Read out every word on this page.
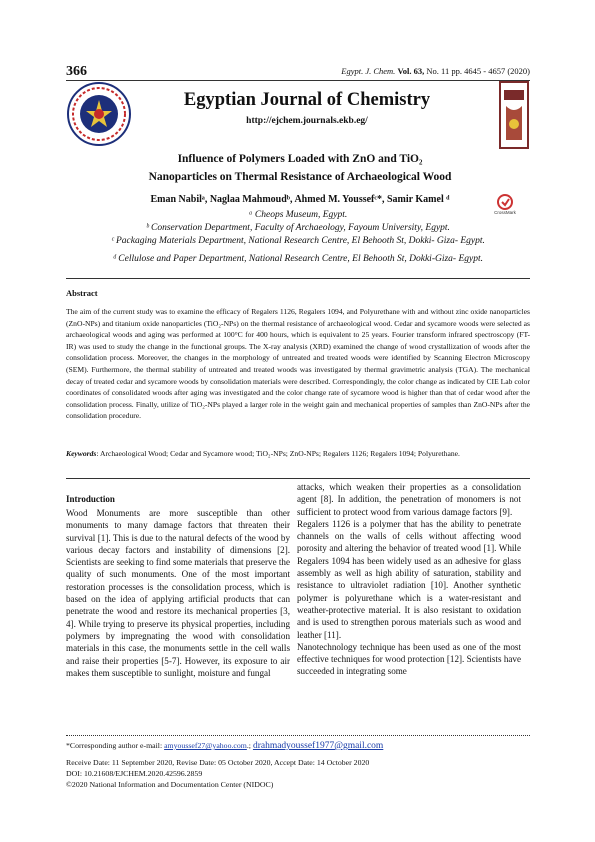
366	Egypt. J. Chem. Vol. 63, No. 11 pp. 4645 - 4657 (2020)
Egyptian Journal of Chemistry
http://ejchem.journals.ekb.eg/
Influence of Polymers Loaded with ZnO and TiO₂
Nanoparticles on Thermal Resistance of Archaeological Wood
Eman Nabilᵃ, Naglaa Mahmoudᵇ, Ahmed M. Youssefᶜ*, Samir Kamel ᵈ
CrossMark
ᵃ Cheops Museum, Egypt.
ᵇ Conservation Department, Faculty of Archaeology, Fayoum University, Egypt.
ᶜ Packaging Materials Department, National Research Centre, El Behooth St, Dokki- Giza- Egypt.
ᵈ Cellulose and Paper Department, National Research Centre, El Behooth St, Dokki-Giza- Egypt.
Abstract
The aim of the current study was to examine the efficacy of Regalers 1126, Regalers 1094, and Polyurethane with and without zinc oxide nanoparticles (ZnO-NPs) and titanium oxide nanoparticles (TiO₂-NPs) on the thermal resistance of archaeological wood. Cedar and sycamore woods were selected as archaeological woods and aging was performed at 100°C for 400 hours, which is equivalent to 25 years. Fourier transform infrared spectroscopy (FT-IR) was used to study the change in the functional groups. The X-ray analysis (XRD) examined the change of wood crystallization of woods after the consolidation process. Moreover, the changes in the morphology of untreated and treated woods were identified by Scanning Electron Microscopy (SEM). Furthermore, the thermal stability of untreated and treated woods was investigated by thermal gravimetric analysis (TGA). The mechanical decay of treated cedar and sycamore woods by consolidation materials were described. Correspondingly, the color change as indicated by CIE Lab color coordinates of consolidated woods after aging was investigated and the color change rate of sycamore wood is higher than that of cedar wood after the consolidation process. Finally, utilize of TiO₂-NPs played a larger role in the weight gain and mechanical properties of samples than ZnO-NPs after the consolidation procedure.
Keywords: Archaeological Wood; Cedar and Sycamore wood; TiO₂-NPs; ZnO-NPs; Regalers 1126; Regalers 1094; Polyurethane.
Introduction

Wood Monuments are more susceptible than other monuments to many damage factors that threaten their survival [1]. This is due to the natural defects of the wood by various decay factors and instability of dimensions [2]. Scientists are seeking to find some materials that preserve the quality of such monuments. One of the most important restoration processes is the consolidation process, which is based on the idea of applying artificial products that can penetrate the wood and restore its mechanical properties [3, 4]. While trying to preserve its physical properties, including polymers by impregnating the wood with consolidation materials in this case, the monuments settle in the cell walls and raise their properties [5-7]. However, its exposure to air makes them susceptible to sunlight, moisture and fungal

attacks, which weaken their properties as a consolidation agent [8]. In addition, the penetration of monomers is not sufficient to protect wood from various damage factors [9].

Regalers 1126 is a polymer that has the ability to penetrate channels on the walls of cells without affecting wood porosity and altering the behavior of treated wood [1]. While Regalers 1094 has been widely used as an adhesive for glass assembly as well as high ability of saturation, stability and resistance to ultraviolet radiation [10]. Another synthetic polymer is polyurethane which is a water-resistant and weather-protective material. It is also resistant to oxidation and is used to strengthen porous materials such as wood and leather [11].

Nanotechnology technique has been used as one of the most effective techniques for wood protection [12]. Scientists have succeeded in integrating some

*Corresponding author e-mail: amyoussef27@yahoo.com.; drahmadyoussef1977@gmail.com
Receive Date: 11 September 2020, Revise Date: 05 October 2020, Accept Date: 14 October 2020
DOI: 10.21608/EJCHEM.2020.42596.2859
©2020 National Information and Documentation Center (NIDOC)
